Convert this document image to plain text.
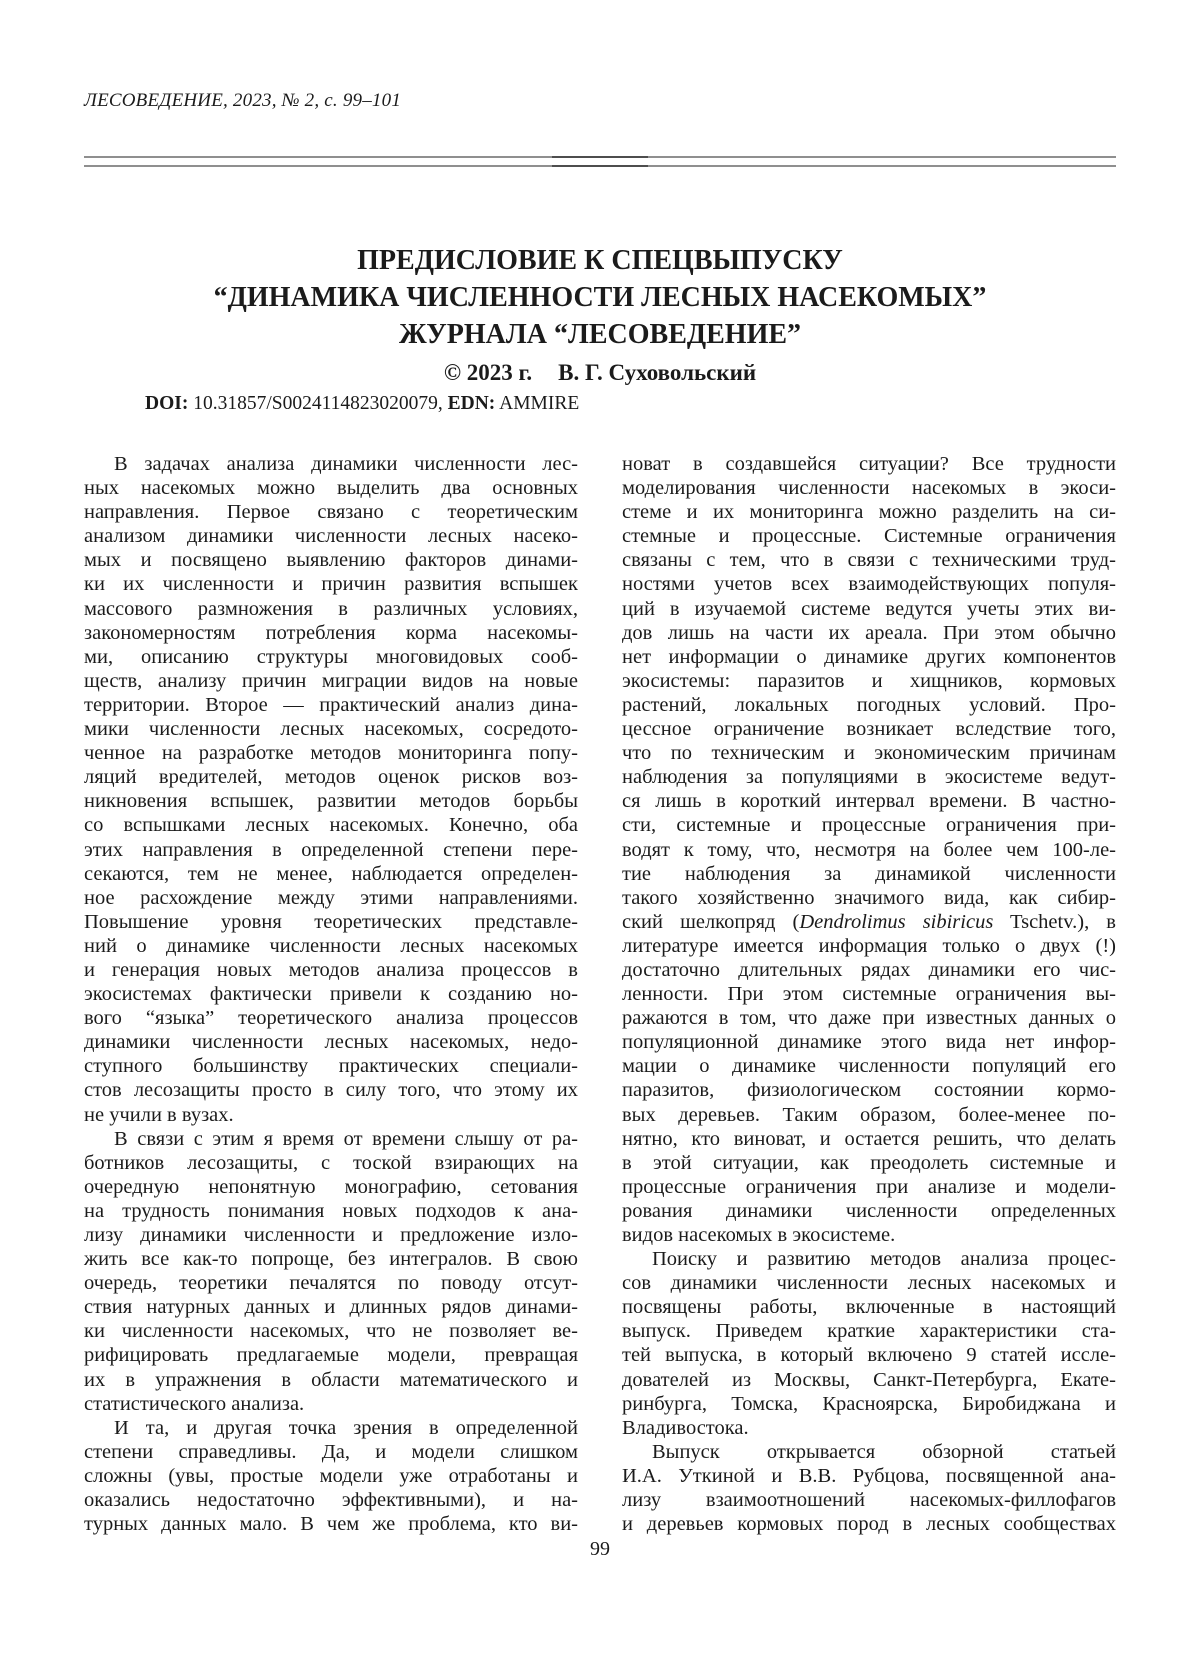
ЛЕСОВЕДЕНИЕ, 2023, № 2, с. 99–101
ПРЕДИСЛОВИЕ К СПЕЦВЫПУСКУ
“ДИНАМИКА ЧИСЛЕННОСТИ ЛЕСНЫХ НАСЕКОМЫХ”
ЖУРНАЛА “ЛЕСОВЕДЕНИЕ”
© 2023 г. В. Г. Суховольский
DOI: 10.31857/S0024114823020079, EDN: AMMIRE
В задачах анализа динамики численности лес-
ных насекомых можно выделить два основных
направления. Первое связано с теоретическим
анализом динамики численности лесных насеко-
мых и посвящено выявлению факторов динами-
ки их численности и причин развития вспышек
массового размножения в различных условиях,
закономерностям потребления корма насекомы-
ми, описанию структуры многовидовых сооб-
ществ, анализу причин миграции видов на новые
территории. Второе — практический анализ дина-
мики численности лесных насекомых, сосредото-
ченное на разработке методов мониторинга попу-
ляций вредителей, методов оценок рисков воз-
никновения вспышек, развитии методов борьбы
со вспышками лесных насекомых. Конечно, оба
этих направления в определенной степени пере-
секаются, тем не менее, наблюдается определен-
ное расхождение между этими направлениями.
Повышение уровня теоретических представле-
ний о динамике численности лесных насекомых
и генерация новых методов анализа процессов в
экосистемах фактически привели к созданию но-
вого “языка” теоретического анализа процессов
динамики численности лесных насекомых, недо-
ступного большинству практических специали-
стов лесозащиты просто в силу того, что этому их
не учили в вузах.
В связи с этим я время от времени слышу от ра-
ботников лесозащиты, с тоской взирающих на
очередную непонятную монографию, сетования
на трудность понимания новых подходов к ана-
лизу динамики численности и предложение изло-
жить все как-то попроще, без интегралов. В свою
очередь, теоретики печалятся по поводу отсут-
ствия натурных данных и длинных рядов динами-
ки численности насекомых, что не позволяет ве-
рифицировать предлагаемые модели, превращая
их в упражнения в области математического и
статистического анализа.
И та, и другая точка зрения в определенной
степени справедливы. Да, и модели слишком
сложны (увы, простые модели уже отработаны и
оказались недостаточно эффективными), и на-
турных данных мало. В чем же проблема, кто ви-
новат в создавшейся ситуации? Все трудности
моделирования численности насекомых в экоси-
стеме и их мониторинга можно разделить на си-
стемные и процессные. Системные ограничения
связаны с тем, что в связи с техническими труд-
ностями учетов всех взаимодействующих популя-
ций в изучаемой системе ведутся учеты этих ви-
дов лишь на части их ареала. При этом обычно
нет информации о динамике других компонентов
экосистемы: паразитов и хищников, кормовых
растений, локальных погодных условий. Про-
цессное ограничение возникает вследствие того,
что по техническим и экономическим причинам
наблюдения за популяциями в экосистеме ведут-
ся лишь в короткий интервал времени. В частно-
сти, системные и процессные ограничения при-
водят к тому, что, несмотря на более чем 100-ле-
тие наблюдения за динамикой численности
такого хозяйственно значимого вида, как сибир-
ский шелкопряд (Dendrolimus sibiricus Tschetv.), в
литературе имеется информация только о двух (!)
достаточно длительных рядах динамики его чис-
ленности. При этом системные ограничения вы-
ражаются в том, что даже при известных данных о
популяционной динамике этого вида нет инфор-
мации о динамике численности популяций его
паразитов, физиологическом состоянии кормо-
вых деревьев. Таким образом, более-менее по-
нятно, кто виноват, и остается решить, что делать
в этой ситуации, как преодолеть системные и
процессные ограничения при анализе и модели-
рования динамики численности определенных
видов насекомых в экосистеме.
Поиску и развитию методов анализа процес-
сов динамики численности лесных насекомых и
посвящены работы, включенные в настоящий
выпуск. Приведем краткие характеристики ста-
тей выпуска, в который включено 9 статей иссле-
дователей из Москвы, Санкт-Петербурга, Екате-
ринбурга, Томска, Красноярска, Биробиджана и
Владивостока.
Выпуск открывается обзорной статьей
И.А. Уткиной и В.В. Рубцова, посвященной ана-
лизу взаимоотношений насекомых-филлофагов
и деревьев кормовых пород в лесных сообществах
99
